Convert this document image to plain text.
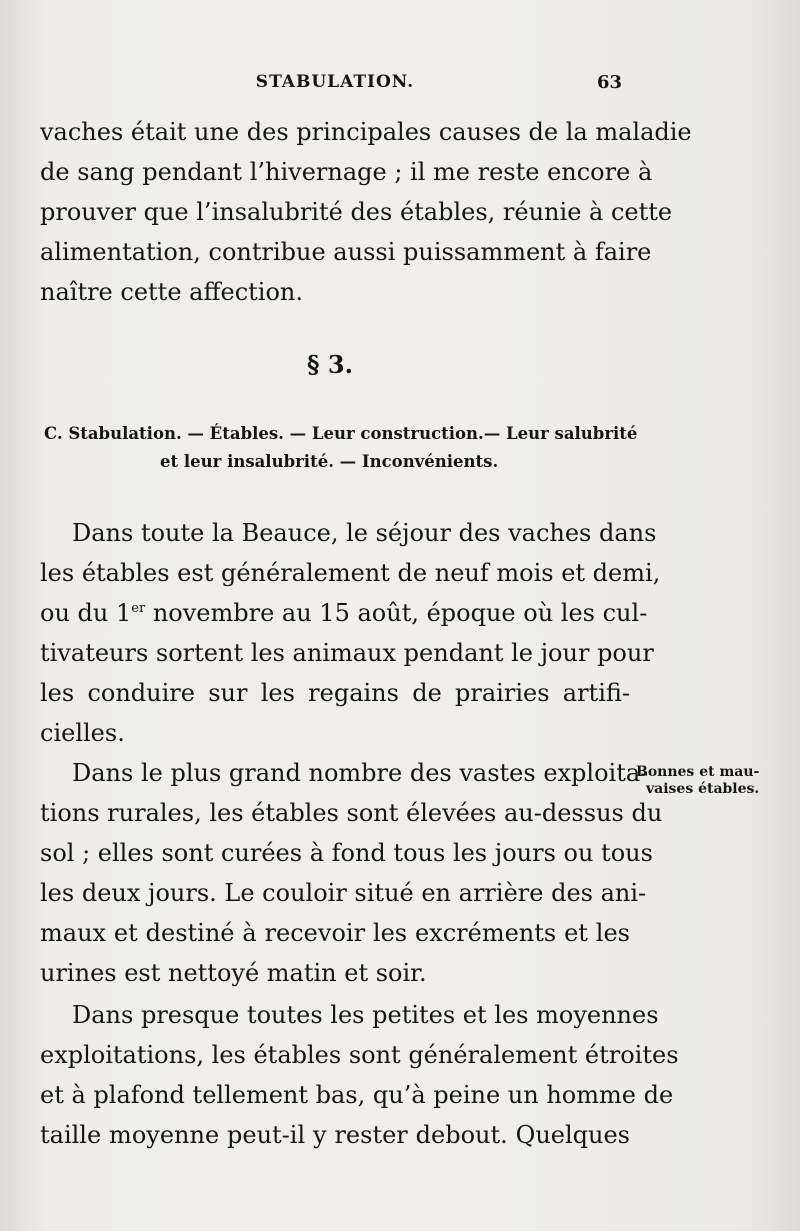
STABULATION.	63
vaches était une des principales causes de la maladie
de sang pendant l’hivernage ; il me reste encore à
prouver que l’insalubrité des étables, réunie à cette
alimentation, contribue aussi puissamment à faire
naître cette affection.
§ 3.
C. Stabulation. — Étables. — Leur construction.— Leur salubrité
et leur insalubrité. — Inconvénients.
Dans toute la Beauce, le séjour des vaches dans
les étables est généralement de neuf mois et demi,
ou du 1er novembre au 15 août, époque où les cul-
tivateurs sortent les animaux pendant le jour pour
les conduire sur les regains de prairies artifi-
cielles.
Dans le plus grand nombre des vastes exploita-
tions rurales, les étables sont élevées au-dessus du
sol ; elles sont curées à fond tous les jours ou tous
les deux jours. Le couloir situé en arrière des ani-
maux et destiné à recevoir les excréments et les
urines est nettoyé matin et soir.
Dans presque toutes les petites et les moyennes
exploitations, les étables sont généralement étroites
et à plafond tellement bas, qu’à peine un homme de
taille moyenne peut-il y rester debout. Quelques
Bonnes et mau-
vaises étables.
